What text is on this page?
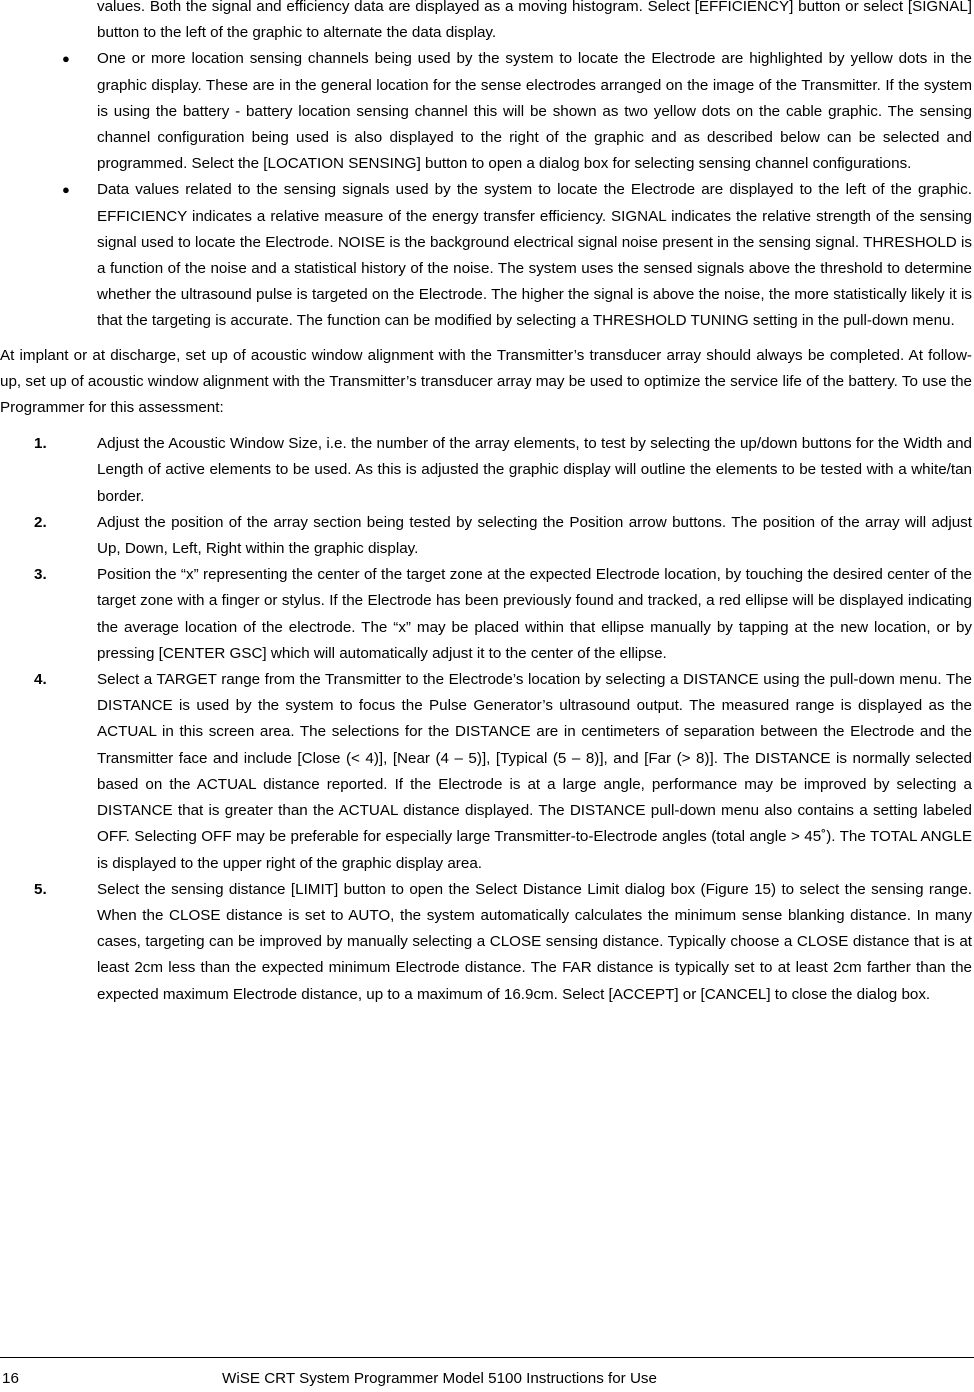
values. Both the signal and efficiency data are displayed as a moving histogram. Select [EFFICIENCY] button or select [SIGNAL] button to the left of the graphic to alternate the data display.
● One or more location sensing channels being used by the system to locate the Electrode are highlighted by yellow dots in the graphic display. These are in the general location for the sense electrodes arranged on the image of the Transmitter. If the system is using the battery - battery location sensing channel this will be shown as two yellow dots on the cable graphic. The sensing channel configuration being used is also displayed to the right of the graphic and as described below can be selected and programmed. Select the [LOCATION SENSING] button to open a dialog box for selecting sensing channel configurations.
● Data values related to the sensing signals used by the system to locate the Electrode are displayed to the left of the graphic. EFFICIENCY indicates a relative measure of the energy transfer efficiency. SIGNAL indicates the relative strength of the sensing signal used to locate the Electrode. NOISE is the background electrical signal noise present in the sensing signal. THRESHOLD is a function of the noise and a statistical history of the noise. The system uses the sensed signals above the threshold to determine whether the ultrasound pulse is targeted on the Electrode. The higher the signal is above the noise, the more statistically likely it is that the targeting is accurate. The function can be modified by selecting a THRESHOLD TUNING setting in the pull-down menu.

At implant or at discharge, set up of acoustic window alignment with the Transmitter’s transducer array should always be completed. At follow-up, set up of acoustic window alignment with the Transmitter’s transducer array may be used to optimize the service life of the battery. To use the Programmer for this assessment:

1.	Adjust the Acoustic Window Size, i.e. the number of the array elements, to test by selecting the up/down buttons for the Width and Length of active elements to be used. As this is adjusted the graphic display will outline the elements to be tested with a white/tan border.
2.	Adjust the position of the array section being tested by selecting the Position arrow buttons. The position of the array will adjust Up, Down, Left, Right within the graphic display.
3.	Position the “x” representing the center of the target zone at the expected Electrode location, by touching the desired center of the target zone with a finger or stylus. If the Electrode has been previously found and tracked, a red ellipse will be displayed indicating the average location of the electrode. The “x” may be placed within that ellipse manually by tapping at the new location, or by pressing [CENTER GSC] which will automatically adjust it to the center of the ellipse.
4.	Select a TARGET range from the Transmitter to the Electrode’s location by selecting a DISTANCE using the pull-down menu. The DISTANCE is used by the system to focus the Pulse Generator’s ultrasound output. The measured range is displayed as the ACTUAL in this screen area. The selections for the DISTANCE are in centimeters of separation between the Electrode and the Transmitter face and include [Close (< 4)], [Near (4 – 5)], [Typical (5 – 8)], and [Far (> 8)]. The DISTANCE is normally selected based on the ACTUAL distance reported. If the Electrode is at a large angle, performance may be improved by selecting a DISTANCE that is greater than the ACTUAL distance displayed. The DISTANCE pull-down menu also contains a setting labeled OFF. Selecting OFF may be preferable for especially large Transmitter-to-Electrode angles (total angle > 45˚). The TOTAL ANGLE is displayed to the upper right of the graphic display area.
5.	Select the sensing distance [LIMIT] button to open the Select Distance Limit dialog box (Figure 15) to select the sensing range. When the CLOSE distance is set to AUTO, the system automatically calculates the minimum sense blanking distance. In many cases, targeting can be improved by manually selecting a CLOSE sensing distance. Typically choose a CLOSE distance that is at least 2cm less than the expected minimum Electrode distance. The FAR distance is typically set to at least 2cm farther than the expected maximum Electrode distance, up to a maximum of 16.9cm. Select [ACCEPT] or [CANCEL] to close the dialog box.
16	WiSE CRT System Programmer Model 5100 Instructions for Use
